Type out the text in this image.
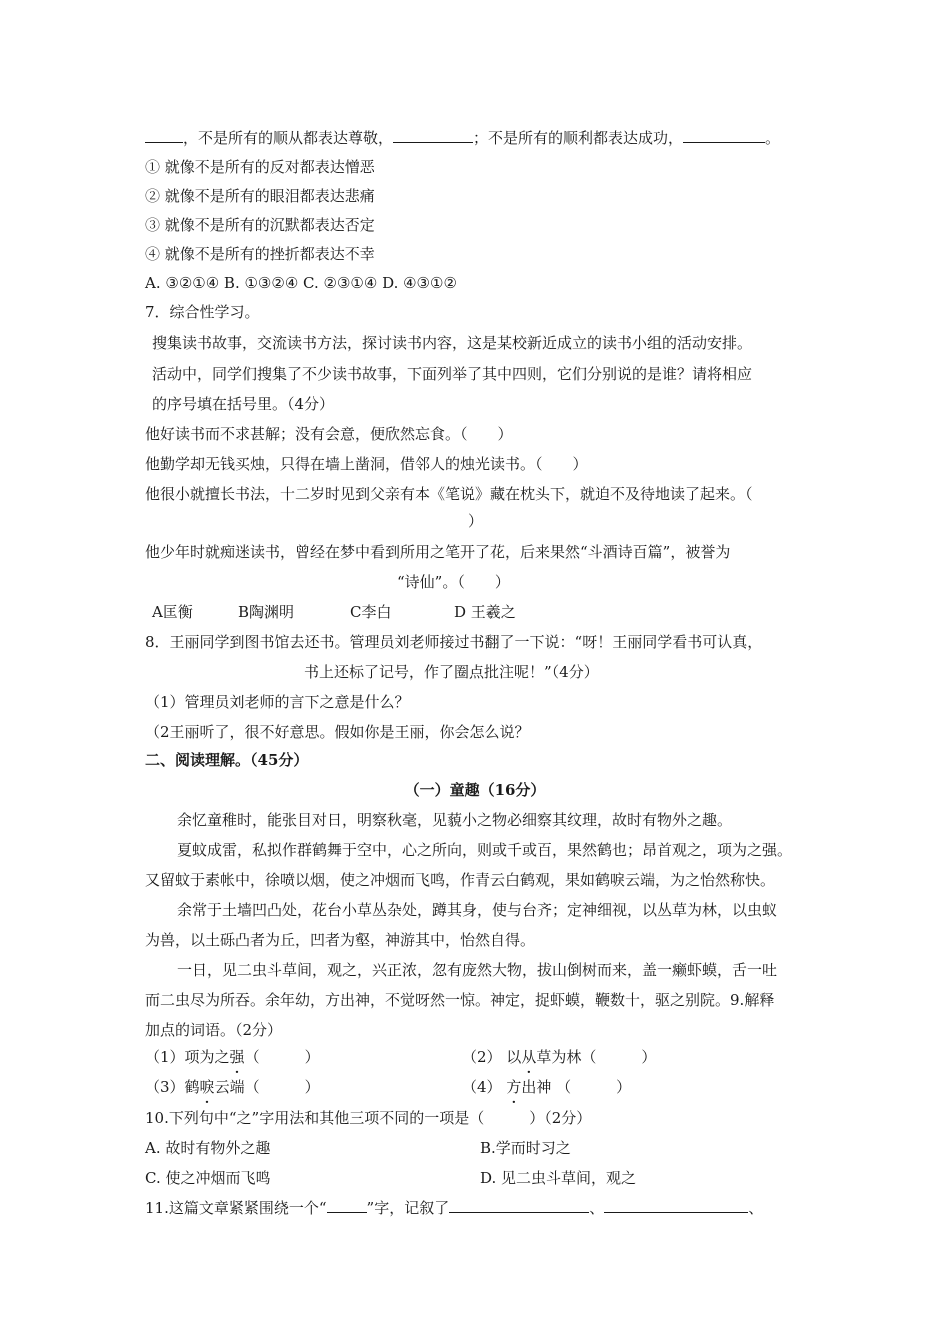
，不是所有的顺从都表达尊敬，	；不是所有的顺利都表达成功，	。
① 就像不是所有的反对都表达憎恶
② 就像不是所有的眼泪都表达悲痛
③ 就像不是所有的沉默都表达否定
④ 就像不是所有的挫折都表达不幸
A. ③②①④ B. ①③②④ C. ②③①④ D. ④③①②
7．综合性学习。
搜集读书故事，交流读书方法，探讨读书内容，这是某校新近成立的读书小组的活动安排。
活动中，同学们搜集了不少读书故事，下面列举了其中四则，它们分别说的是谁？请将相应
的序号填在括号里。（4分）
他好读书而不求甚解；没有会意，便欣然忘食。（　　）
他勤学却无钱买烛，只得在墙上凿洞，借邻人的烛光读书。（　　）
他很小就擅长书法，十二岁时见到父亲有本《笔说》藏在枕头下，就迫不及待地读了起来。（
）
他少年时就痴迷读书，曾经在梦中看到所用之笔开了花，后来果然“斗酒诗百篇”，被誉为
“诗仙”。（　　）
A匡衡	B陶渊明	C李白	D 王羲之
8．王丽同学到图书馆去还书。管理员刘老师接过书翻了一下说：“呀！王丽同学看书可认真，
书上还标了记号，作了圈点批注呢！”（4分）
（1）管理员刘老师的言下之意是什么？
（2王丽听了，很不好意思。假如你是王丽，你会怎么说？
二、阅读理解。（45分）
（一）童趣（16分）
余忆童稚时，能张目对日，明察秋毫，见藐小之物必细察其纹理，故时有物外之趣。
夏蚊成雷，私拟作群鹤舞于空中，心之所向，则或千或百，果然鹤也；昂首观之，项为之强。
又留蚊于素帐中，徐喷以烟，使之冲烟而飞鸣，作青云白鹤观，果如鹤唳云端，为之怡然称快。
余常于土墙凹凸处，花台小草丛杂处，蹲其身，使与台齐；定神细视，以丛草为林，以虫蚁
为兽，以土砾凸者为丘，凹者为壑，神游其中，怡然自得。
一日，见二虫斗草间，观之，兴正浓，忽有庞然大物，拔山倒树而来，盖一癞虾蟆，舌一吐
而二虫尽为所吞。余年幼，方出神，不觉呀然一惊。神定，捉虾蟆，鞭数十，驱之别院。9.解释
加点的词语。（2分）
（1）项为之强（　　　）	（2） 以从草为林（　　　）
（3）鹤唳云端（　　　）	（4） 方出神 （　　　）
10.下列句中“之”字用法和其他三项不同的一项是（　　　）（2分）
A. 故时有物外之趣	B.学而时习之
C. 使之冲烟而飞鸣	D. 见二虫斗草间，观之
11.这篇文章紧紧围绕一个“	”字，记叙了	、	、
